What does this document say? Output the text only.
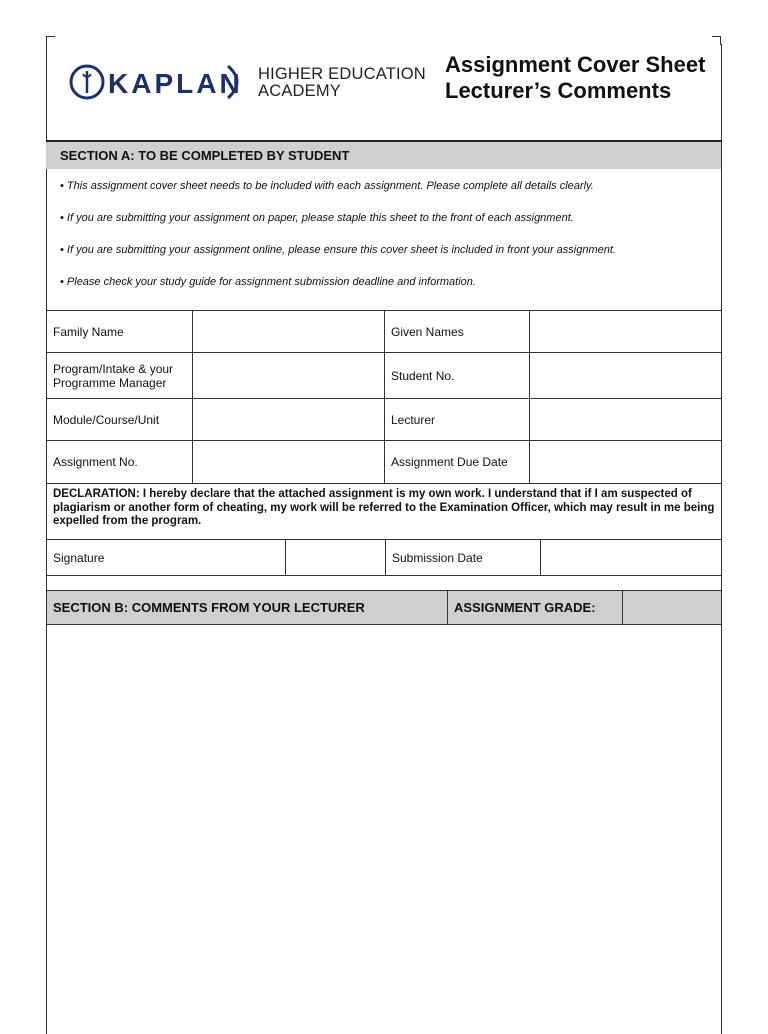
KAPLAN HIGHER EDUCATION
ACADEMY
Assignment Cover Sheet
Lecturer’s Comments
SECTION A: TO BE COMPLETED BY STUDENT
• This assignment cover sheet needs to be included with each assignment. Please complete all details clearly.
• If you are submitting your assignment on paper, please staple this sheet to the front of each assignment.
• If you are submitting your assignment online, please ensure this cover sheet is included in front your assignment.
• Please check your study guide for assignment submission deadline and information.
Family Name		Given Names	
Program/Intake & your Programme Manager		Student No.	
Module/Course/Unit		Lecturer	
Assignment No.		Assignment Due Date	
DECLARATION: I hereby declare that the attached assignment is my own work. I understand that if I am suspected of plagiarism or another form of cheating, my work will be referred to the Examination Officer, which may result in me being expelled from the program.
Signature		Submission Date	
SECTION B: COMMENTS FROM YOUR LECTURER	ASSIGNMENT GRADE:	
